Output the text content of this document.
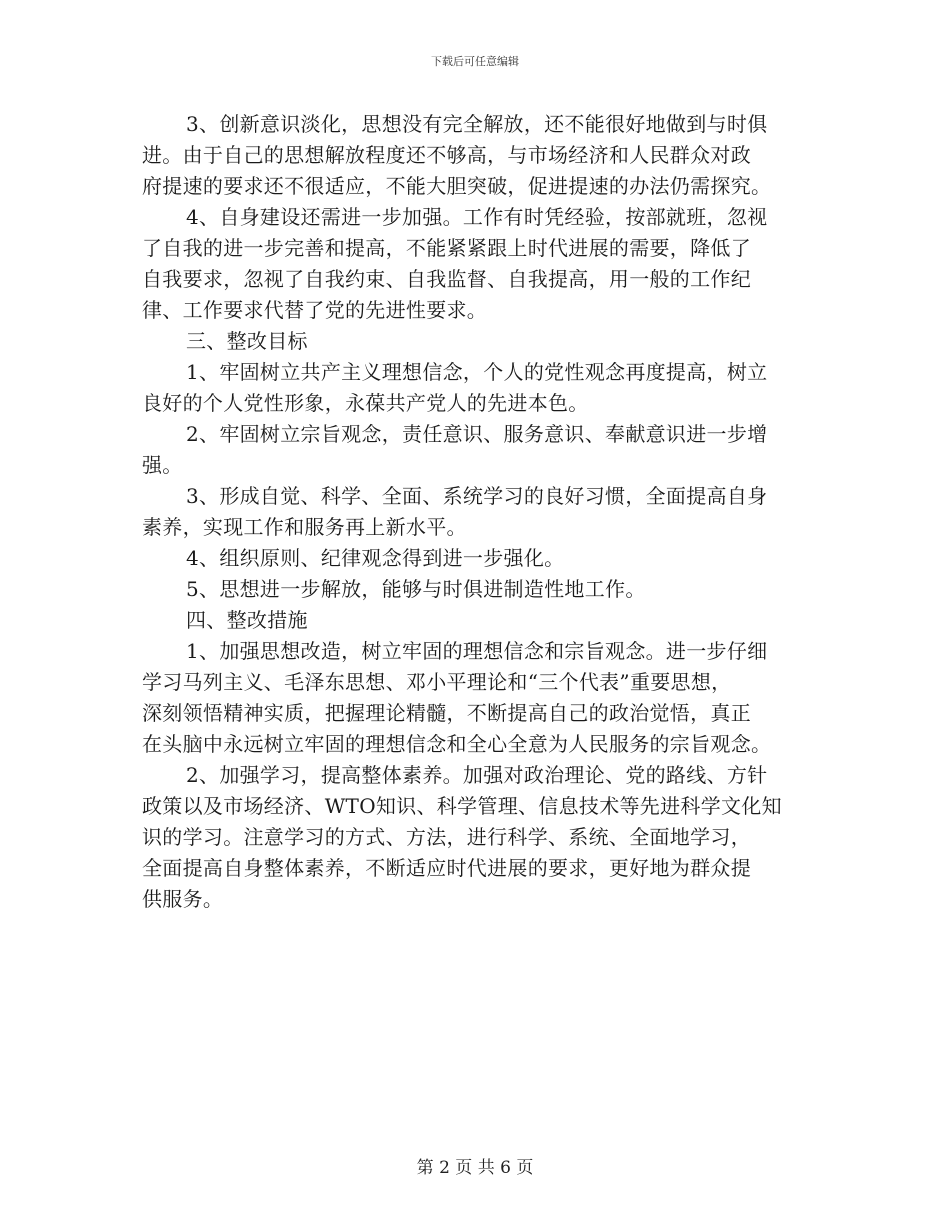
下载后可任意编辑
3、创新意识淡化，思想没有完全解放，还不能很好地做到与时俱
进。由于自己的思想解放程度还不够高，与市场经济和人民群众对政
府提速的要求还不很适应，不能大胆突破，促进提速的办法仍需探究。
4、自身建设还需进一步加强。工作有时凭经验，按部就班，忽视
了自我的进一步完善和提高，不能紧紧跟上时代进展的需要，降低了
自我要求，忽视了自我约束、自我监督、自我提高，用一般的工作纪
律、工作要求代替了党的先进性要求。
三、整改目标
1、牢固树立共产主义理想信念，个人的党性观念再度提高，树立
良好的个人党性形象，永葆共产党人的先进本色。
2、牢固树立宗旨观念，责任意识、服务意识、奉献意识进一步增
强。
3、形成自觉、科学、全面、系统学习的良好习惯，全面提高自身
素养，实现工作和服务再上新水平。
4、组织原则、纪律观念得到进一步强化。
5、思想进一步解放，能够与时俱进制造性地工作。
四、整改措施
1、加强思想改造，树立牢固的理想信念和宗旨观念。进一步仔细
学习马列主义、毛泽东思想、邓小平理论和“三个代表”重要思想，
深刻领悟精神实质，把握理论精髓，不断提高自己的政治觉悟，真正
在头脑中永远树立牢固的理想信念和全心全意为人民服务的宗旨观念。
2、加强学习，提高整体素养。加强对政治理论、党的路线、方针
政策以及市场经济、WTO知识、科学管理、信息技术等先进科学文化知
识的学习。注意学习的方式、方法，进行科学、系统、全面地学习，
全面提高自身整体素养，不断适应时代进展的要求，更好地为群众提
供服务。
第 2 页 共 6 页
